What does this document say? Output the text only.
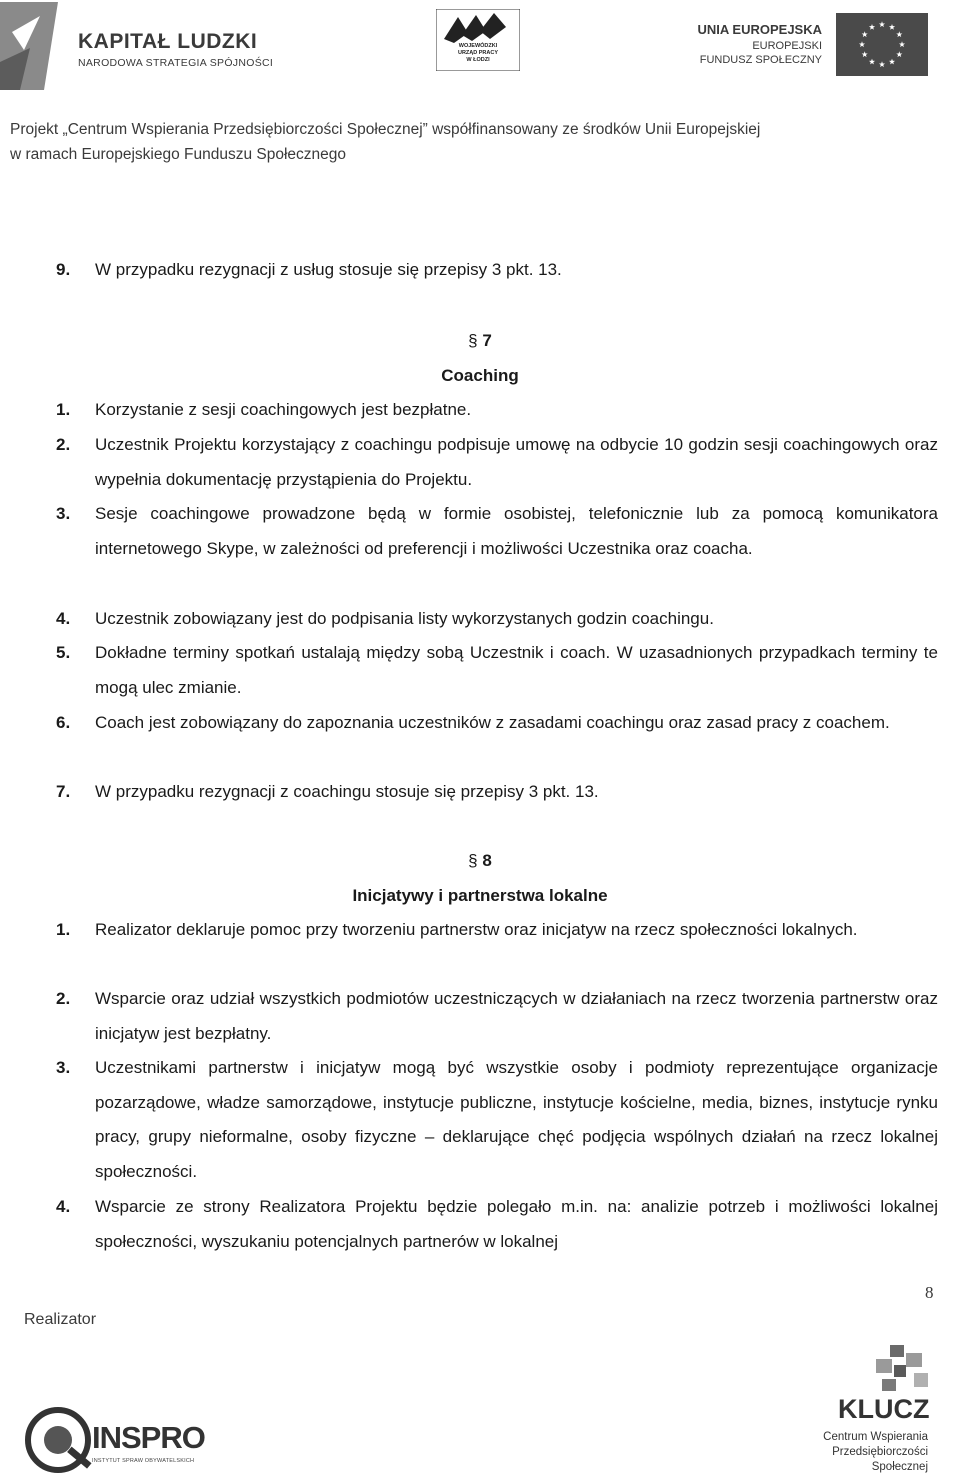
KAPITAŁ LUDZKI
NARODOWA STRATEGIA SPÓJNOŚCI
WOJEWÓDZKI
URZĄD PRACY
W ŁODZI
UNIA EUROPEJSKA
EUROPEJSKI
FUNDUSZ SPOŁECZNY
Projekt „Centrum Wspierania Przedsiębiorczości Społecznej” współfinansowany ze środków Unii Europejskiej
w ramach Europejskiego Funduszu Społecznego
9.	W przypadku rezygnacji z usług stosuje się przepisy 3 pkt. 13.
§ 7
Coaching
1.	Korzystanie z sesji coachingowych jest bezpłatne.
2.	Uczestnik Projektu korzystający z coachingu podpisuje umowę na odbycie 10 godzin sesji coachingowych oraz wypełnia dokumentację przystąpienia do Projektu.
3.	Sesje coachingowe prowadzone będą w formie osobistej, telefonicznie lub za pomocą komunikatora internetowego Skype, w zależności od preferencji i możliwości Uczestnika oraz coacha.
4.	Uczestnik zobowiązany jest do podpisania listy wykorzystanych godzin coachingu.
5.	Dokładne terminy spotkań ustalają między sobą Uczestnik i coach. W uzasadnionych przypadkach terminy te mogą ulec zmianie.
6.	Coach jest zobowiązany do zapoznania uczestników z zasadami coachingu oraz zasad pracy z coachem.
7.	W przypadku rezygnacji z coachingu stosuje się przepisy 3 pkt. 13.
§ 8
Inicjatywy i partnerstwa lokalne
1.	Realizator deklaruje pomoc przy tworzeniu partnerstw oraz inicjatyw na rzecz społeczności lokalnych.
2.	Wsparcie oraz udział wszystkich podmiotów uczestniczących w działaniach na rzecz tworzenia partnerstw oraz inicjatyw jest bezpłatny.
3.	Uczestnikami partnerstw i inicjatyw mogą być wszystkie osoby i podmioty reprezentujące organizacje pozarządowe, władze samorządowe, instytucje publiczne, instytucje kościelne, media, biznes, instytucje rynku pracy, grupy nieformalne, osoby fizyczne – deklarujące chęć podjęcia wspólnych działań na rzecz lokalnej społeczności.
4.	Wsparcie ze strony Realizatora Projektu będzie polegało m.in. na: analizie potrzeb i możliwości lokalnej społeczności, wyszukaniu potencjalnych partnerów w lokalnej
8
Realizator
INSPRO
INSTYTUT SPRAW OBYWATELSKICH
KLUCZ
Centrum Wspierania
Przedsiębiorczości
Społecznej
